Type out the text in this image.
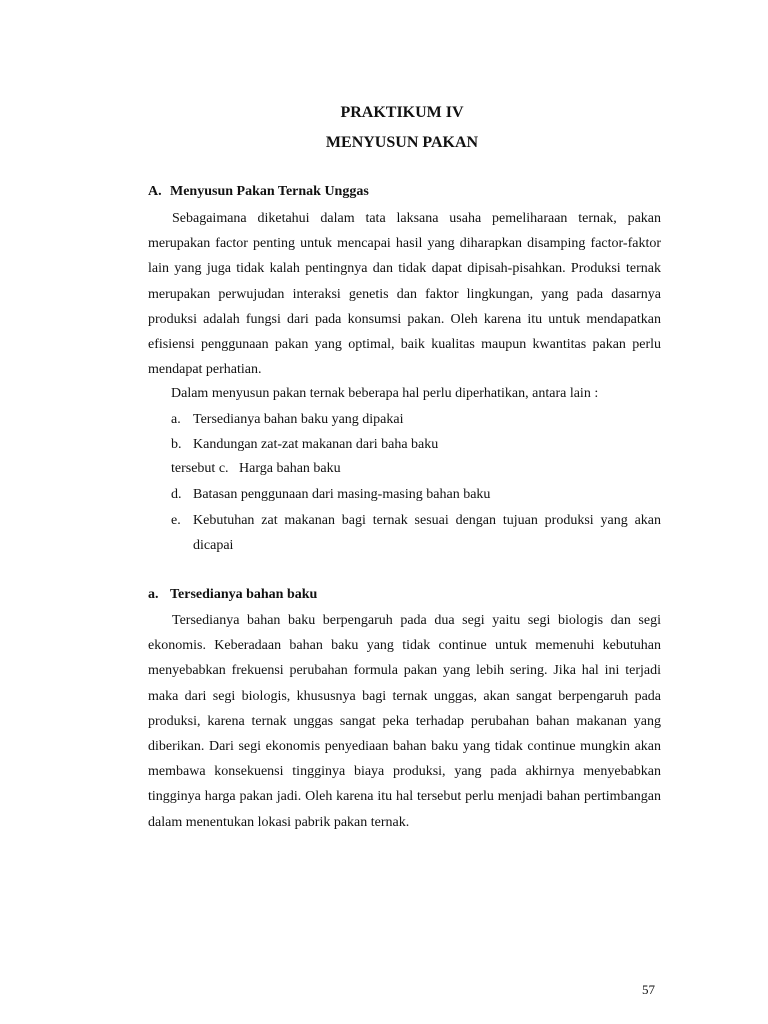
PRAKTIKUM IV
MENYUSUN PAKAN
A. Menyusun Pakan Ternak Unggas

Sebagaimana diketahui dalam tata laksana usaha pemeliharaan ternak, pakan merupakan factor penting untuk mencapai hasil yang diharapkan disamping factor-faktor lain yang juga tidak kalah pentingnya dan tidak dapat dipisah-pisahkan. Produksi ternak merupakan perwujudan interaksi genetis dan faktor lingkungan, yang pada dasarnya produksi adalah fungsi dari pada konsumsi pakan. Oleh karena itu untuk mendapatkan efisiensi penggunaan pakan yang optimal, baik kualitas maupun kwantitas pakan perlu mendapat perhatian.

Dalam menyusun pakan ternak beberapa hal perlu diperhatikan, antara lain :

a. Tersedianya bahan baku yang dipakai
b. Kandungan zat-zat makanan dari baha baku

tersebut c.   Harga bahan baku

d. Batasan penggunaan dari masing-masing bahan baku
e. Kebutuhan zat makanan bagi ternak sesuai dengan tujuan produksi yang akan dicapai
a. Tersedianya bahan baku

Tersedianya bahan baku berpengaruh pada dua segi yaitu segi biologis dan segi ekonomis. Keberadaan bahan baku yang tidak continue untuk memenuhi kebutuhan menyebabkan frekuensi perubahan formula pakan yang lebih sering. Jika hal ini terjadi maka dari segi biologis, khususnya bagi ternak unggas, akan sangat berpengaruh pada produksi, karena ternak unggas sangat peka terhadap perubahan bahan makanan yang diberikan. Dari segi ekonomis penyediaan bahan baku yang tidak continue mungkin akan membawa konsekuensi tingginya biaya produksi, yang pada akhirnya menyebabkan tingginya harga pakan jadi. Oleh karena itu hal tersebut perlu menjadi bahan pertimbangan dalam menentukan lokasi pabrik pakan ternak.

57
